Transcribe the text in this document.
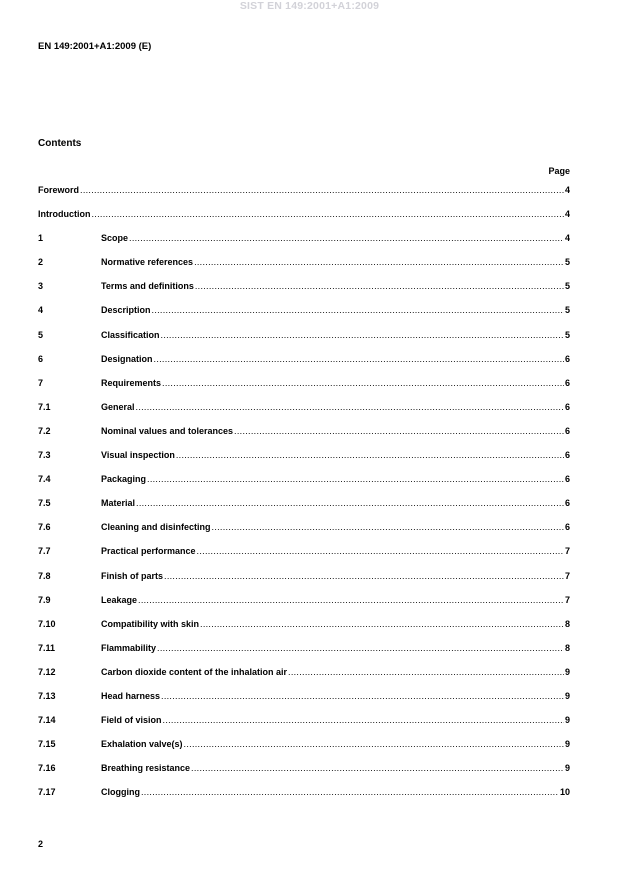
SIST EN 149:2001+A1:2009
EN 149:2001+A1:2009 (E)
Contents
Page
Foreword .....	4
Introduction .....	4
1	Scope .....	4
2	Normative references .....	5
3	Terms and definitions .....	5
4	Description .....	5
5	Classification .....	5
6	Designation .....	6
7	Requirements .....	6
7.1	General .....	6
7.2	Nominal values and tolerances .....	6
7.3	Visual inspection .....	6
7.4	Packaging .....	6
7.5	Material .....	6
7.6	Cleaning and disinfecting .....	6
7.7	Practical performance .....	7
7.8	Finish of parts .....	7
7.9	Leakage .....	7
7.10	Compatibility with skin .....	8
7.11	Flammability .....	8
7.12	Carbon dioxide content of the inhalation air .....	9
7.13	Head harness .....	9
7.14	Field of vision .....	9
7.15	Exhalation valve(s) .....	9
7.16	Breathing resistance .....	9
7.17	Clogging .....	10
2
